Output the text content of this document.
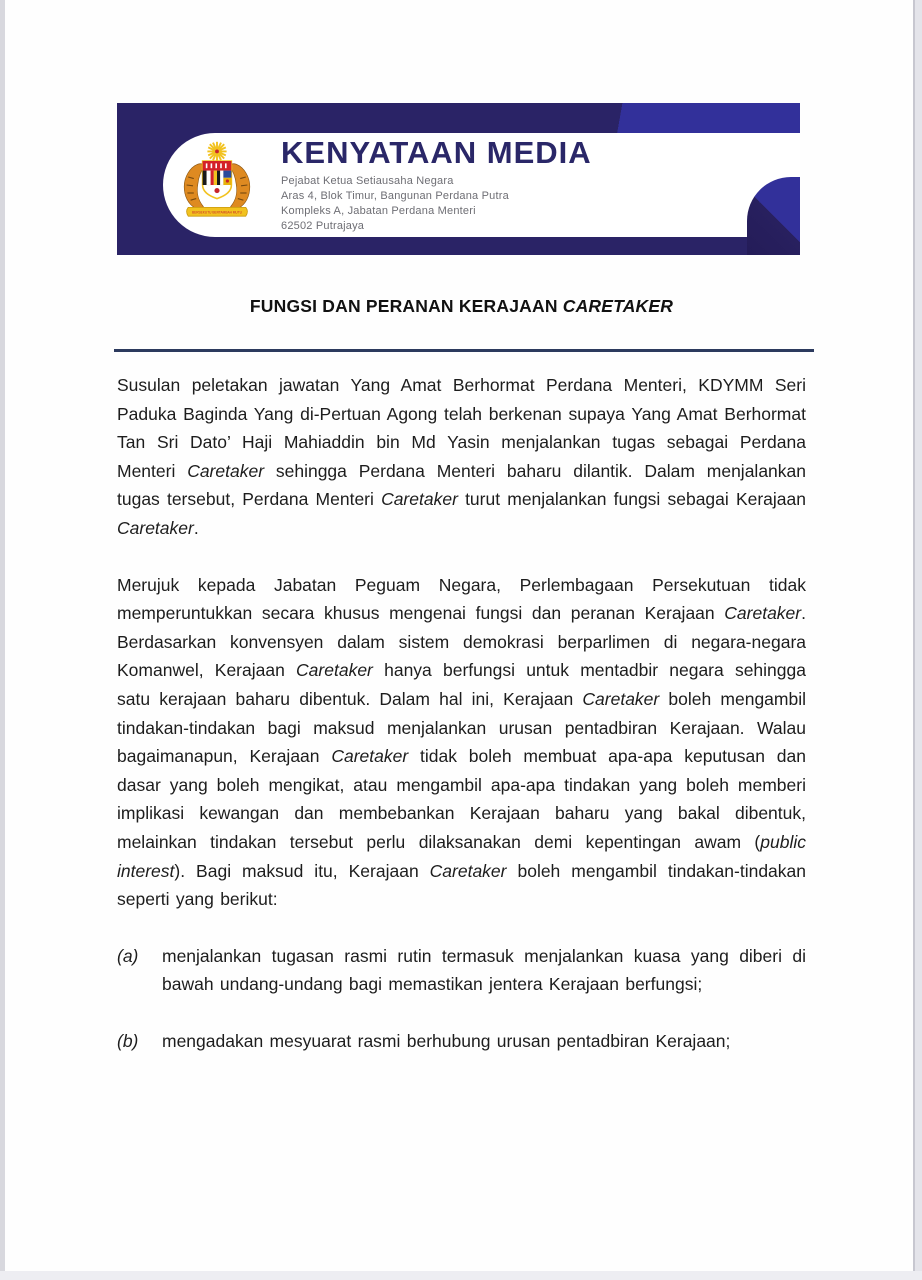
BERSEKUTU BERTAMBAH MUTU
KENYATAAN MEDIA
Pejabat Ketua Setiausaha Negara
Aras 4, Blok Timur, Bangunan Perdana Putra
Kompleks A, Jabatan Perdana Menteri
62502 Putrajaya
FUNGSI DAN PERANAN KERAJAAN CARETAKER

Susulan peletakan jawatan Yang Amat Berhormat Perdana Menteri, KDYMM Seri Paduka Baginda Yang di-Pertuan Agong telah berkenan supaya Yang Amat Berhormat Tan Sri Dato’ Haji Mahiaddin bin Md Yasin menjalankan tugas sebagai Perdana Menteri Caretaker sehingga Perdana Menteri baharu dilantik. Dalam menjalankan tugas tersebut, Perdana Menteri Caretaker turut menjalankan fungsi sebagai Kerajaan Caretaker.

Merujuk kepada Jabatan Peguam Negara, Perlembagaan Persekutuan tidak memperuntukkan secara khusus mengenai fungsi dan peranan Kerajaan Caretaker. Berdasarkan konvensyen dalam sistem demokrasi berparlimen di negara-negara Komanwel, Kerajaan Caretaker hanya berfungsi untuk mentadbir negara sehingga satu kerajaan baharu dibentuk. Dalam hal ini, Kerajaan Caretaker boleh mengambil tindakan-tindakan bagi maksud menjalankan urusan pentadbiran Kerajaan. Walau bagaimanapun, Kerajaan Caretaker tidak boleh membuat apa-apa keputusan dan dasar yang boleh mengikat, atau mengambil apa-apa tindakan yang boleh memberi implikasi kewangan dan membebankan Kerajaan baharu yang bakal dibentuk, melainkan tindakan tersebut perlu dilaksanakan demi kepentingan awam (public interest). Bagi maksud itu, Kerajaan Caretaker boleh mengambil tindakan-tindakan seperti yang berikut:

(a)	menjalankan tugasan rasmi rutin termasuk menjalankan kuasa yang diberi di bawah undang-undang bagi memastikan jentera Kerajaan berfungsi;
(b)	mengadakan mesyuarat rasmi berhubung urusan pentadbiran Kerajaan;
